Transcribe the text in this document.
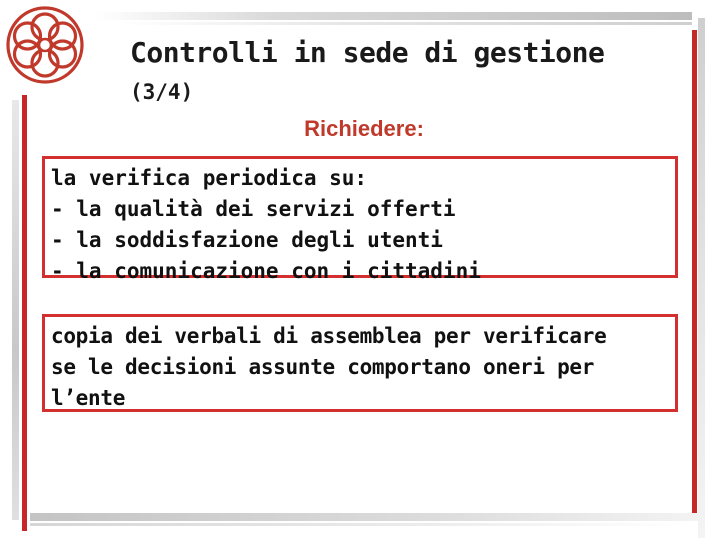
Controlli in sede di gestione
(3/4)
Richiedere:
la verifica periodica su:
- la qualità dei servizi offerti
- la soddisfazione degli utenti
- la comunicazione con i cittadini
copia dei verbali di assemblea per verificare
se le decisioni assunte comportano oneri per
l’ente
